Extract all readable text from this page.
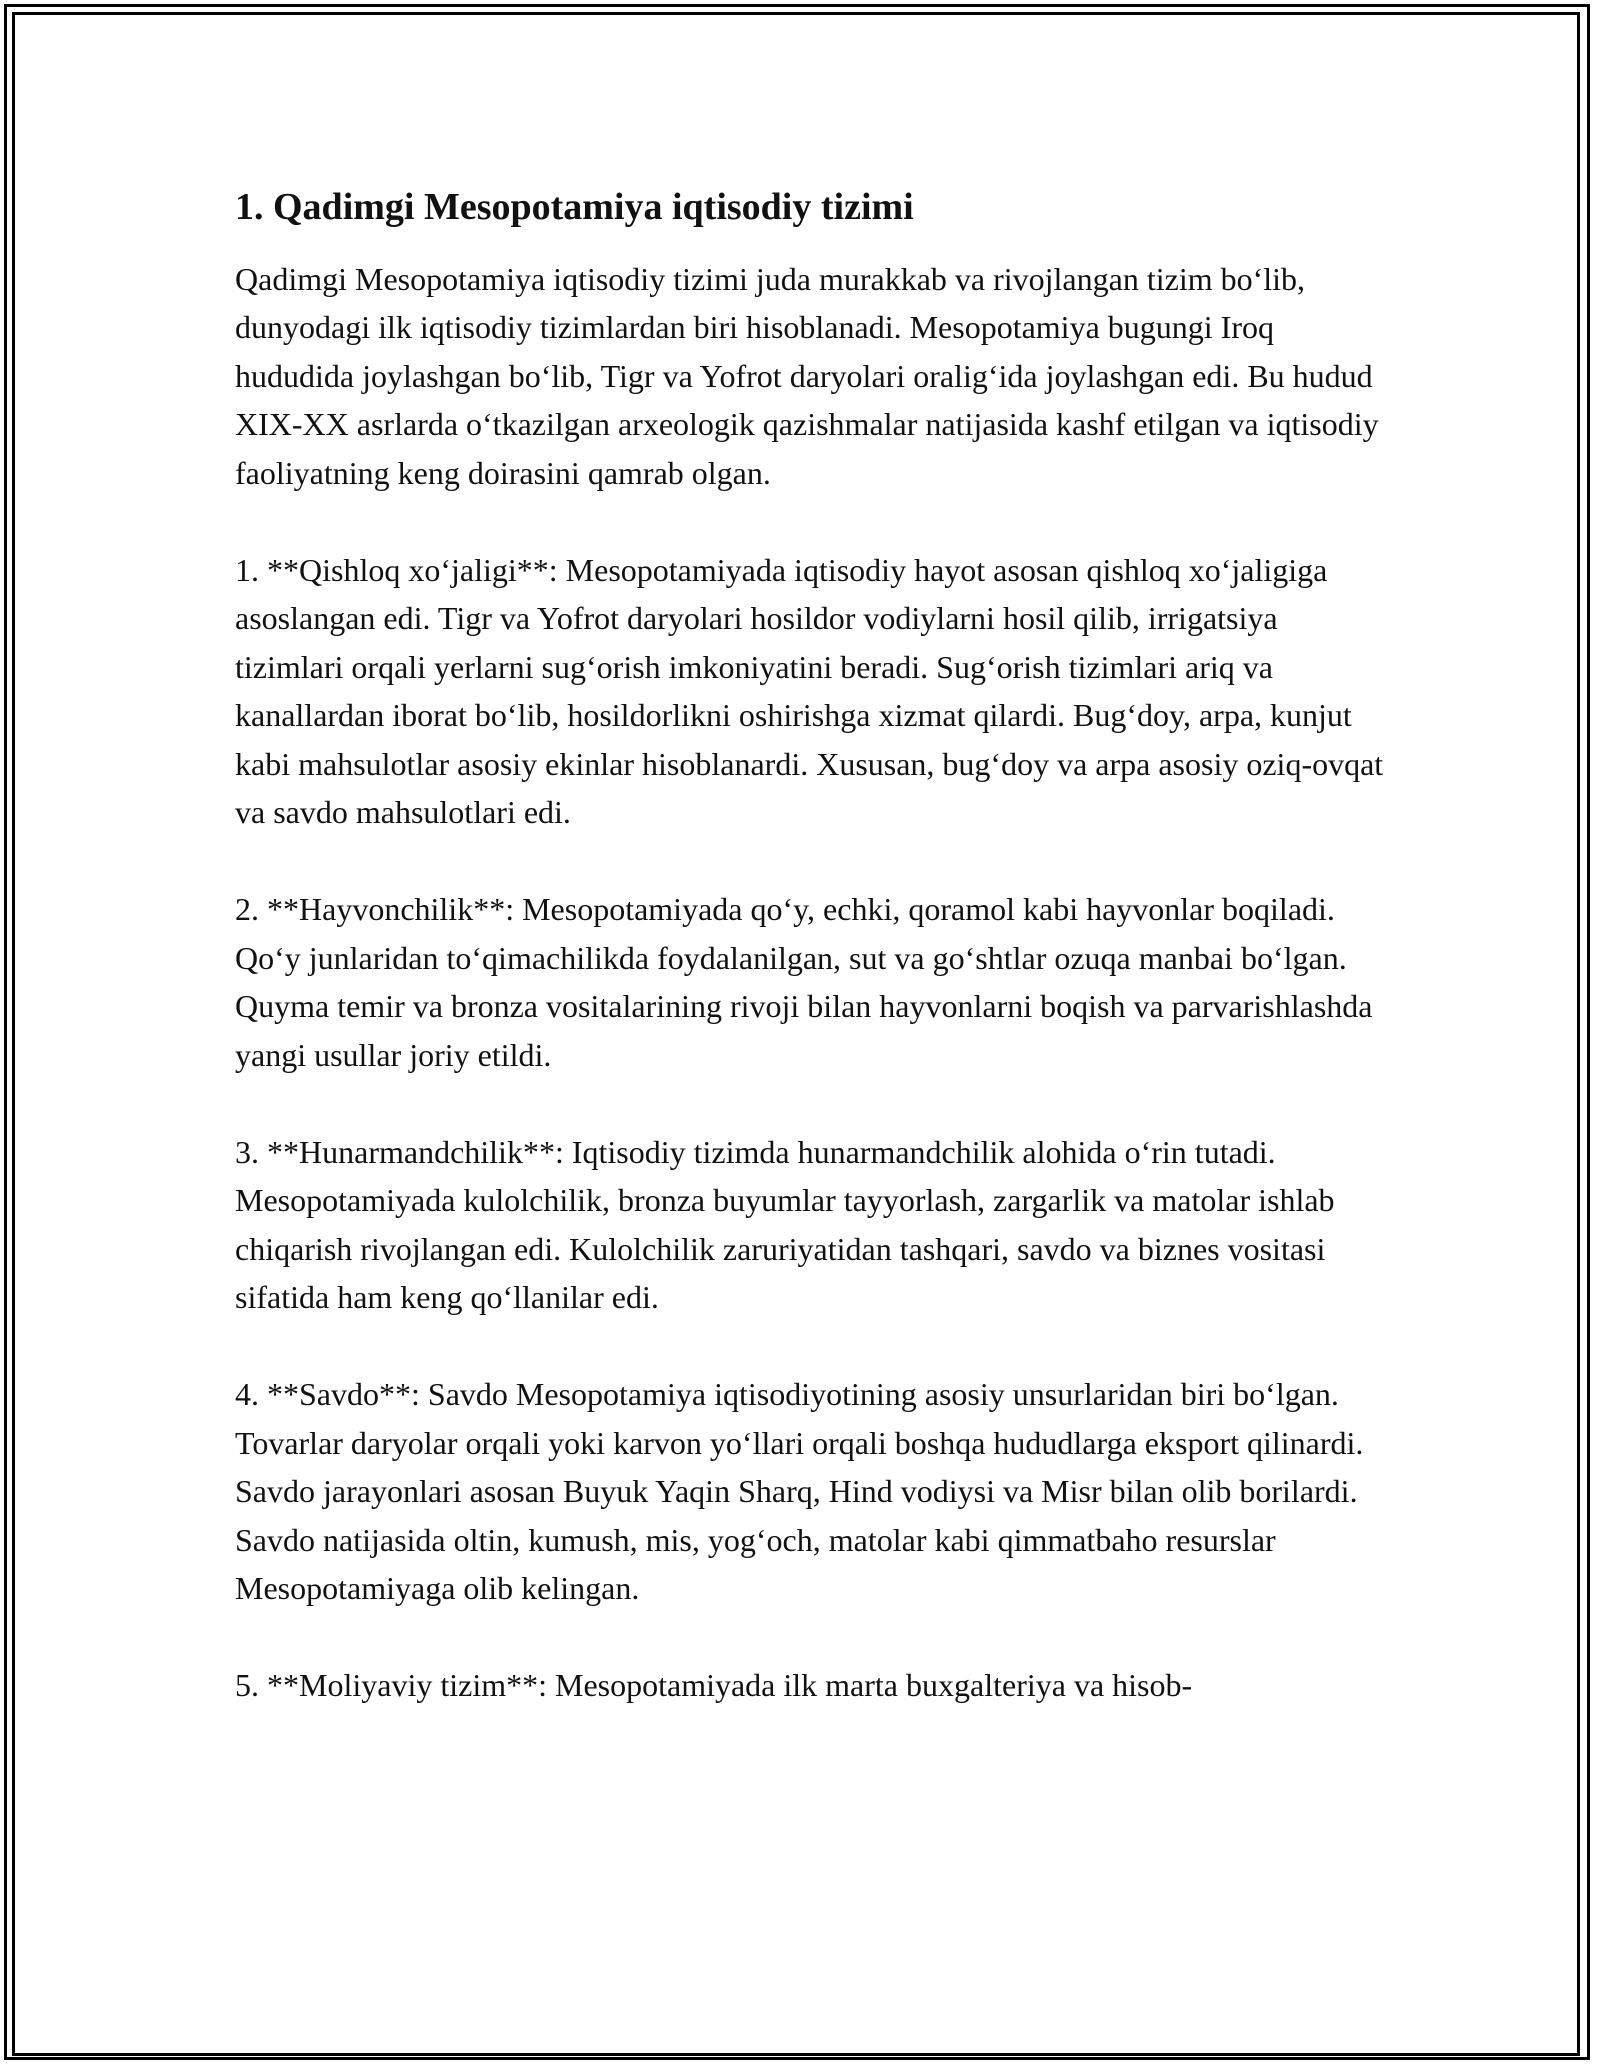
1. Qadimgi Mesopotamiya iqtisodiy tizimi

Qadimgi Mesopotamiya iqtisodiy tizimi juda murakkab va rivojlangan tizim bo‘lib, dunyodagi ilk iqtisodiy tizimlardan biri hisoblanadi. Mesopotamiya bugungi Iroq hududida joylashgan bo‘lib, Tigr va Yofrot daryolari oralig‘ida joylashgan edi. Bu hudud XIX-XX asrlarda o‘tkazilgan arxeologik qazishmalar natijasida kashf etilgan va iqtisodiy faoliyatning keng doirasini qamrab olgan.

1. **Qishloq xo‘jaligi**: Mesopotamiyada iqtisodiy hayot asosan qishloq xo‘jaligiga asoslangan edi. Tigr va Yofrot daryolari hosildor vodiylarni hosil qilib, irrigatsiya tizimlari orqali yerlarni sug‘orish imkoniyatini beradi. Sug‘orish tizimlari ariq va kanallardan iborat bo‘lib, hosildorlikni oshirishga xizmat qilardi. Bug‘doy, arpa, kunjut kabi mahsulotlar asosiy ekinlar hisoblanardi. Xususan, bug‘doy va arpa asosiy oziq-ovqat va savdo mahsulotlari edi.

2. **Hayvonchilik**: Mesopotamiyada qo‘y, echki, qoramol kabi hayvonlar boqiladi. Qo‘y junlaridan to‘qimachilikda foydalanilgan, sut va go‘shtlar ozuqa manbai bo‘lgan. Quyma temir va bronza vositalarining rivoji bilan hayvonlarni boqish va parvarishlashda yangi usullar joriy etildi.

3. **Hunarmandchilik**: Iqtisodiy tizimda hunarmandchilik alohida o‘rin tutadi. Mesopotamiyada kulolchilik, bronza buyumlar tayyorlash, zargarlik va matolar ishlab chiqarish rivojlangan edi. Kulolchilik zaruriyatidan tashqari, savdo va biznes vositasi sifatida ham keng qo‘llanilar edi.

4. **Savdo**: Savdo Mesopotamiya iqtisodiyotining asosiy unsurlaridan biri bo‘lgan. Tovarlar daryolar orqali yoki karvon yo‘llari orqali boshqa hududlarga eksport qilinardi. Savdo jarayonlari asosan Buyuk Yaqin Sharq, Hind vodiysi va Misr bilan olib borilardi. Savdo natijasida oltin, kumush, mis, yog‘och, matolar kabi qimmatbaho resurslar Mesopotamiyaga olib kelingan.

5. **Moliyaviy tizim**: Mesopotamiyada ilk marta buxgalteriya va hisob-
